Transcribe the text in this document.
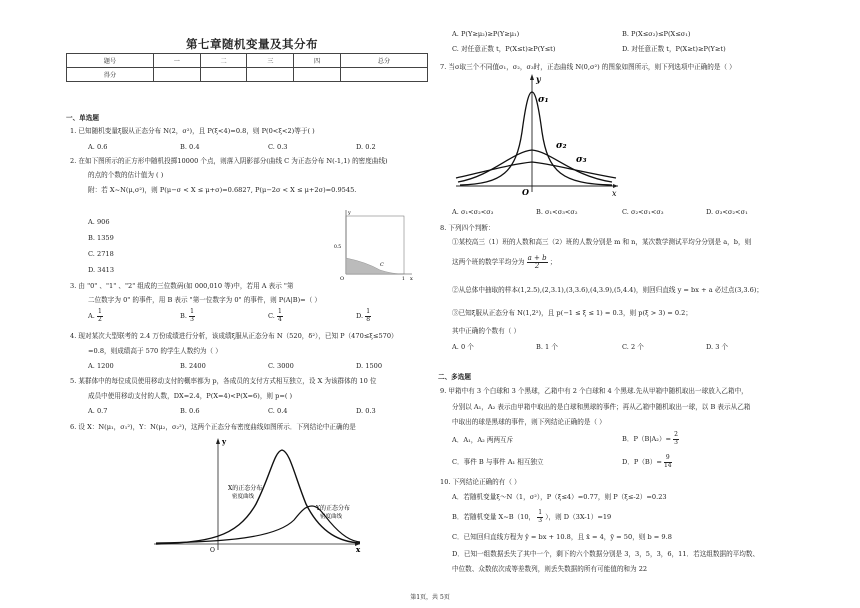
第七章随机变量及其分布
题号	一	二	三	四	总分
得分					
一、单选题
1. 已知随机变量ξ服从正态分布 N(2，σ²)，且 P(ξ<4)=0.8，则 P(0<ξ<2)等于( )
A. 0.6	B. 0.4	C. 0.3	D. 0.2
2. 在如下图所示的正方形中随机投掷10000 个点，则落入阴影部分(曲线 C 为正态分布 N(-1,1) 的密度曲线)
的点的个数的估计值为 ( )
附：若 X~N(μ,σ²)，则 P(μ−σ < X ≤ μ+σ)=0.6827, P(μ−2σ < X ≤ μ+2σ)=0.9545.
A. 906
B. 1359
C. 2718
D. 3413
y
0.5
C
O	1 x
3. 由 "0" 、"1" 、"2" 组成的三位数码(如 000,010 等)中，若用 A 表示 "第
二位数字为 0" 的事件，用 B 表示 "第一位数字为 0" 的事件，则 P(A|B)=（ ）
A. $\frac{1}{2}$	B. $\frac{1}{3}$	C. $\frac{1}{4}$	D. $\frac{1}{8}$
4. 现对某次大型联考的 2.4 万份成绩进行分析，该成绩ξ服从正态分布 N（520，δ²），已知 P（470≤ξ≤570）
=0.8，则成绩高于 570 的学生人数约为（ ）
A. 1200	B. 2400	C. 3000	D. 1500
5. 某群体中的每位成员使用移动支付的概率都为 p，各成员的支付方式相互独立，设 X 为该群体的 10 位
成员中使用移动支付的人数，DX=2.4，P(X=4)<P(X=6)，则 p=( )
A. 0.7	B. 0.6	C. 0.4	D. 0.3
6. 设 X：N(μ₁，σ₁²)，Y：N(μ₂，σ₂²)，这两个正态分布密度曲线如图所示．下列结论中正确的是
y
x
O
X的正态分布
密度曲线
Y的正态分布
密度曲线
A. P(Y≥μ₂)≥P(Y≥μ₁)	B. P(X≤σ₂)≤P(X≤σ₁)
C. 对任意正数 t，P(X≤t)≥P(Y≤t)	D. 对任意正数 t，P(X≥t)≥P(Y≥t)
7. 当σ取三个不同值σ₁，σ₂，σ₃时，正态曲线 N(0,σ²) 的图象如图所示，则下列选项中正确的是（ ）
y
x
O
σ₁
σ₂
σ₃
A. σ₁<σ₂<σ₃	B. σ₁<σ₃<σ₂	C. σ₂<σ₁<σ₃	D. σ₃<σ₂<σ₁
8. 下列四个判断：
①某校高三（1）班的人数和高三（2）班的人数分别是 m 和 n，某次数学测试平均分分别是 a，b，则
这两个班的数学平均分为 $\frac{a + b}{2}$ ；
②从总体中抽取的样本(1,2.5),(2,3.1),(3,3.6),(4,3.9),(5,4.4)，则回归直线 y = bx + a 必过点(3,3.6)；
③已知ξ服从正态分布 N(1,2²)，且 p(−1 ≤ ξ ≤ 1) = 0.3，则 p(ξ > 3) = 0.2；
其中正确的个数有（ ）
A. 0 个	B. 1 个	C. 2 个	D. 3 个
二、多选题
9. 甲箱中有 3 个白球和 3 个黑球，乙箱中有 2 个白球和 4 个黑球.先从甲箱中随机取出一球放入乙箱中，
分别以 A₁，A₂ 表示由甲箱中取出的是白球和黑球的事件；再从乙箱中随机取出一球，以 B 表示从乙箱
中取出的球是黑球的事件，则下列结论正确的是（ ）
A．A₁，A₂ 两两互斥	B．$P(B|A_2)= \frac{2}{3}$
C．事件 B 与事件 A₁ 相互独立	D．$P(B)= \frac{9}{14}$
10. 下列结论正确的有（ ）
A．若随机变量ξ～N（1，σ²），P（ξ≤4）=0.77，则 P（ξ≤-2）=0.23
B．若随机变量 X~B（10， $\frac{1}{3}$ ），则 D（3X-1）=19
C．已知回归直线方程为 ŷ = bx + 10.8，且 x̄ = 4，ȳ = 50，则 b = 9.8
D．已知一组数据丢失了其中一个，剩下的六个数据分别是 3，3，5，3，6，11．若这组数据的平均数、
中位数、众数依次成等差数列，则丢失数据的所有可能值的和为 22
第1页，共 5页
